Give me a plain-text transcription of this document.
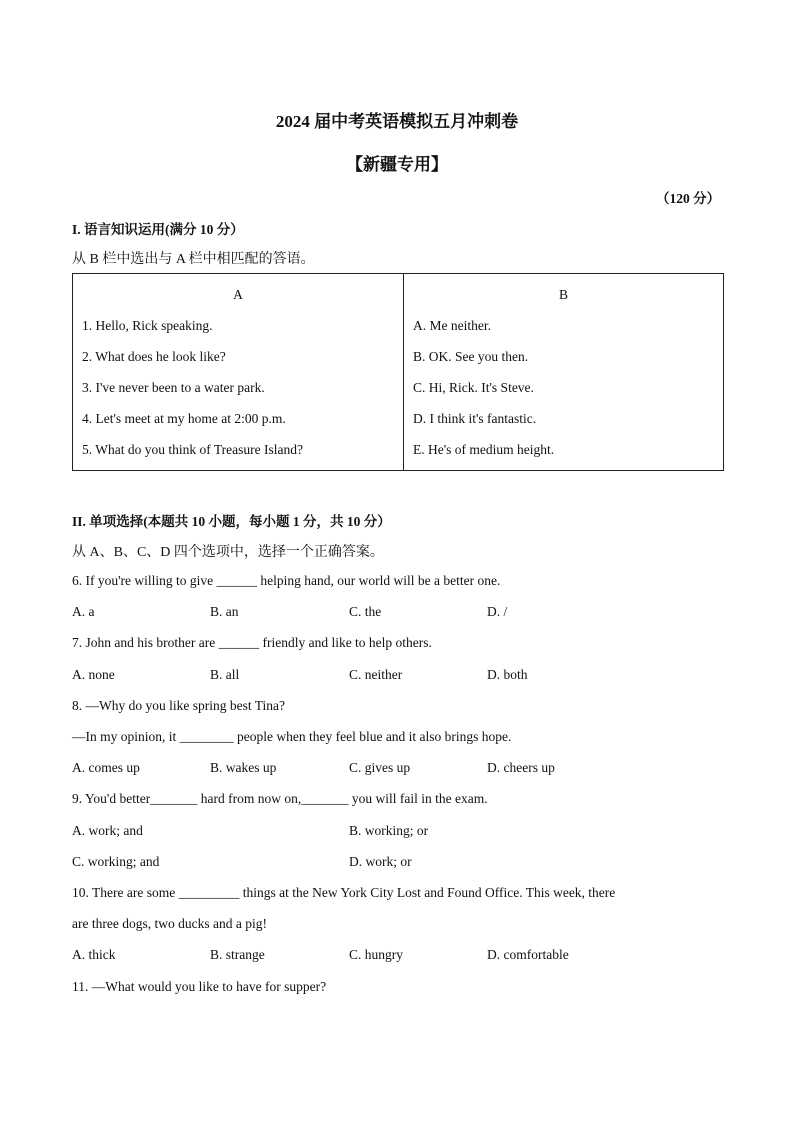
2024 届中考英语模拟五月冲刺卷
【新疆专用】
（120 分）
I. 语言知识运用(满分 10 分）
从 B 栏中选出与 A 栏中相匹配的答语。
A
1. Hello, Rick speaking.
2. What does he look like?
3. I've never been to a water park.
4. Let's meet at my home at 2:00 p.m.
5. What do you think of Treasure Island?

B
A. Me neither.
B. OK. See you then.
C. Hi, Rick. It's Steve.
D. I think it's fantastic.
E. He's of medium height.
II. 单项选择(本题共 10 小题，每小题 1 分，共 10 分）
从 A、B、C、D 四个选项中，选择一个正确答案。
6. If you're willing to give ______ helping hand, our world will be a better one.
A. a	B. an	C. the	D. /
7. John and his brother are ______ friendly and like to help others.
A. none	B. all	C. neither	D. both
8. —Why do you like spring best Tina?
—In my opinion, it ________ people when they feel blue and it also brings hope.
A. comes up	B. wakes up	C. gives up	D. cheers up
9. You'd better_______ hard from now on,_______ you will fail in the exam.
A. work; and	B. working; or
C. working; and	D. work; or
10. There are some _________ things at the New York City Lost and Found Office. This week, there
are three dogs, two ducks and a pig!
A. thick	B. strange	C. hungry	D. comfortable
11. —What would you like to have for supper?
